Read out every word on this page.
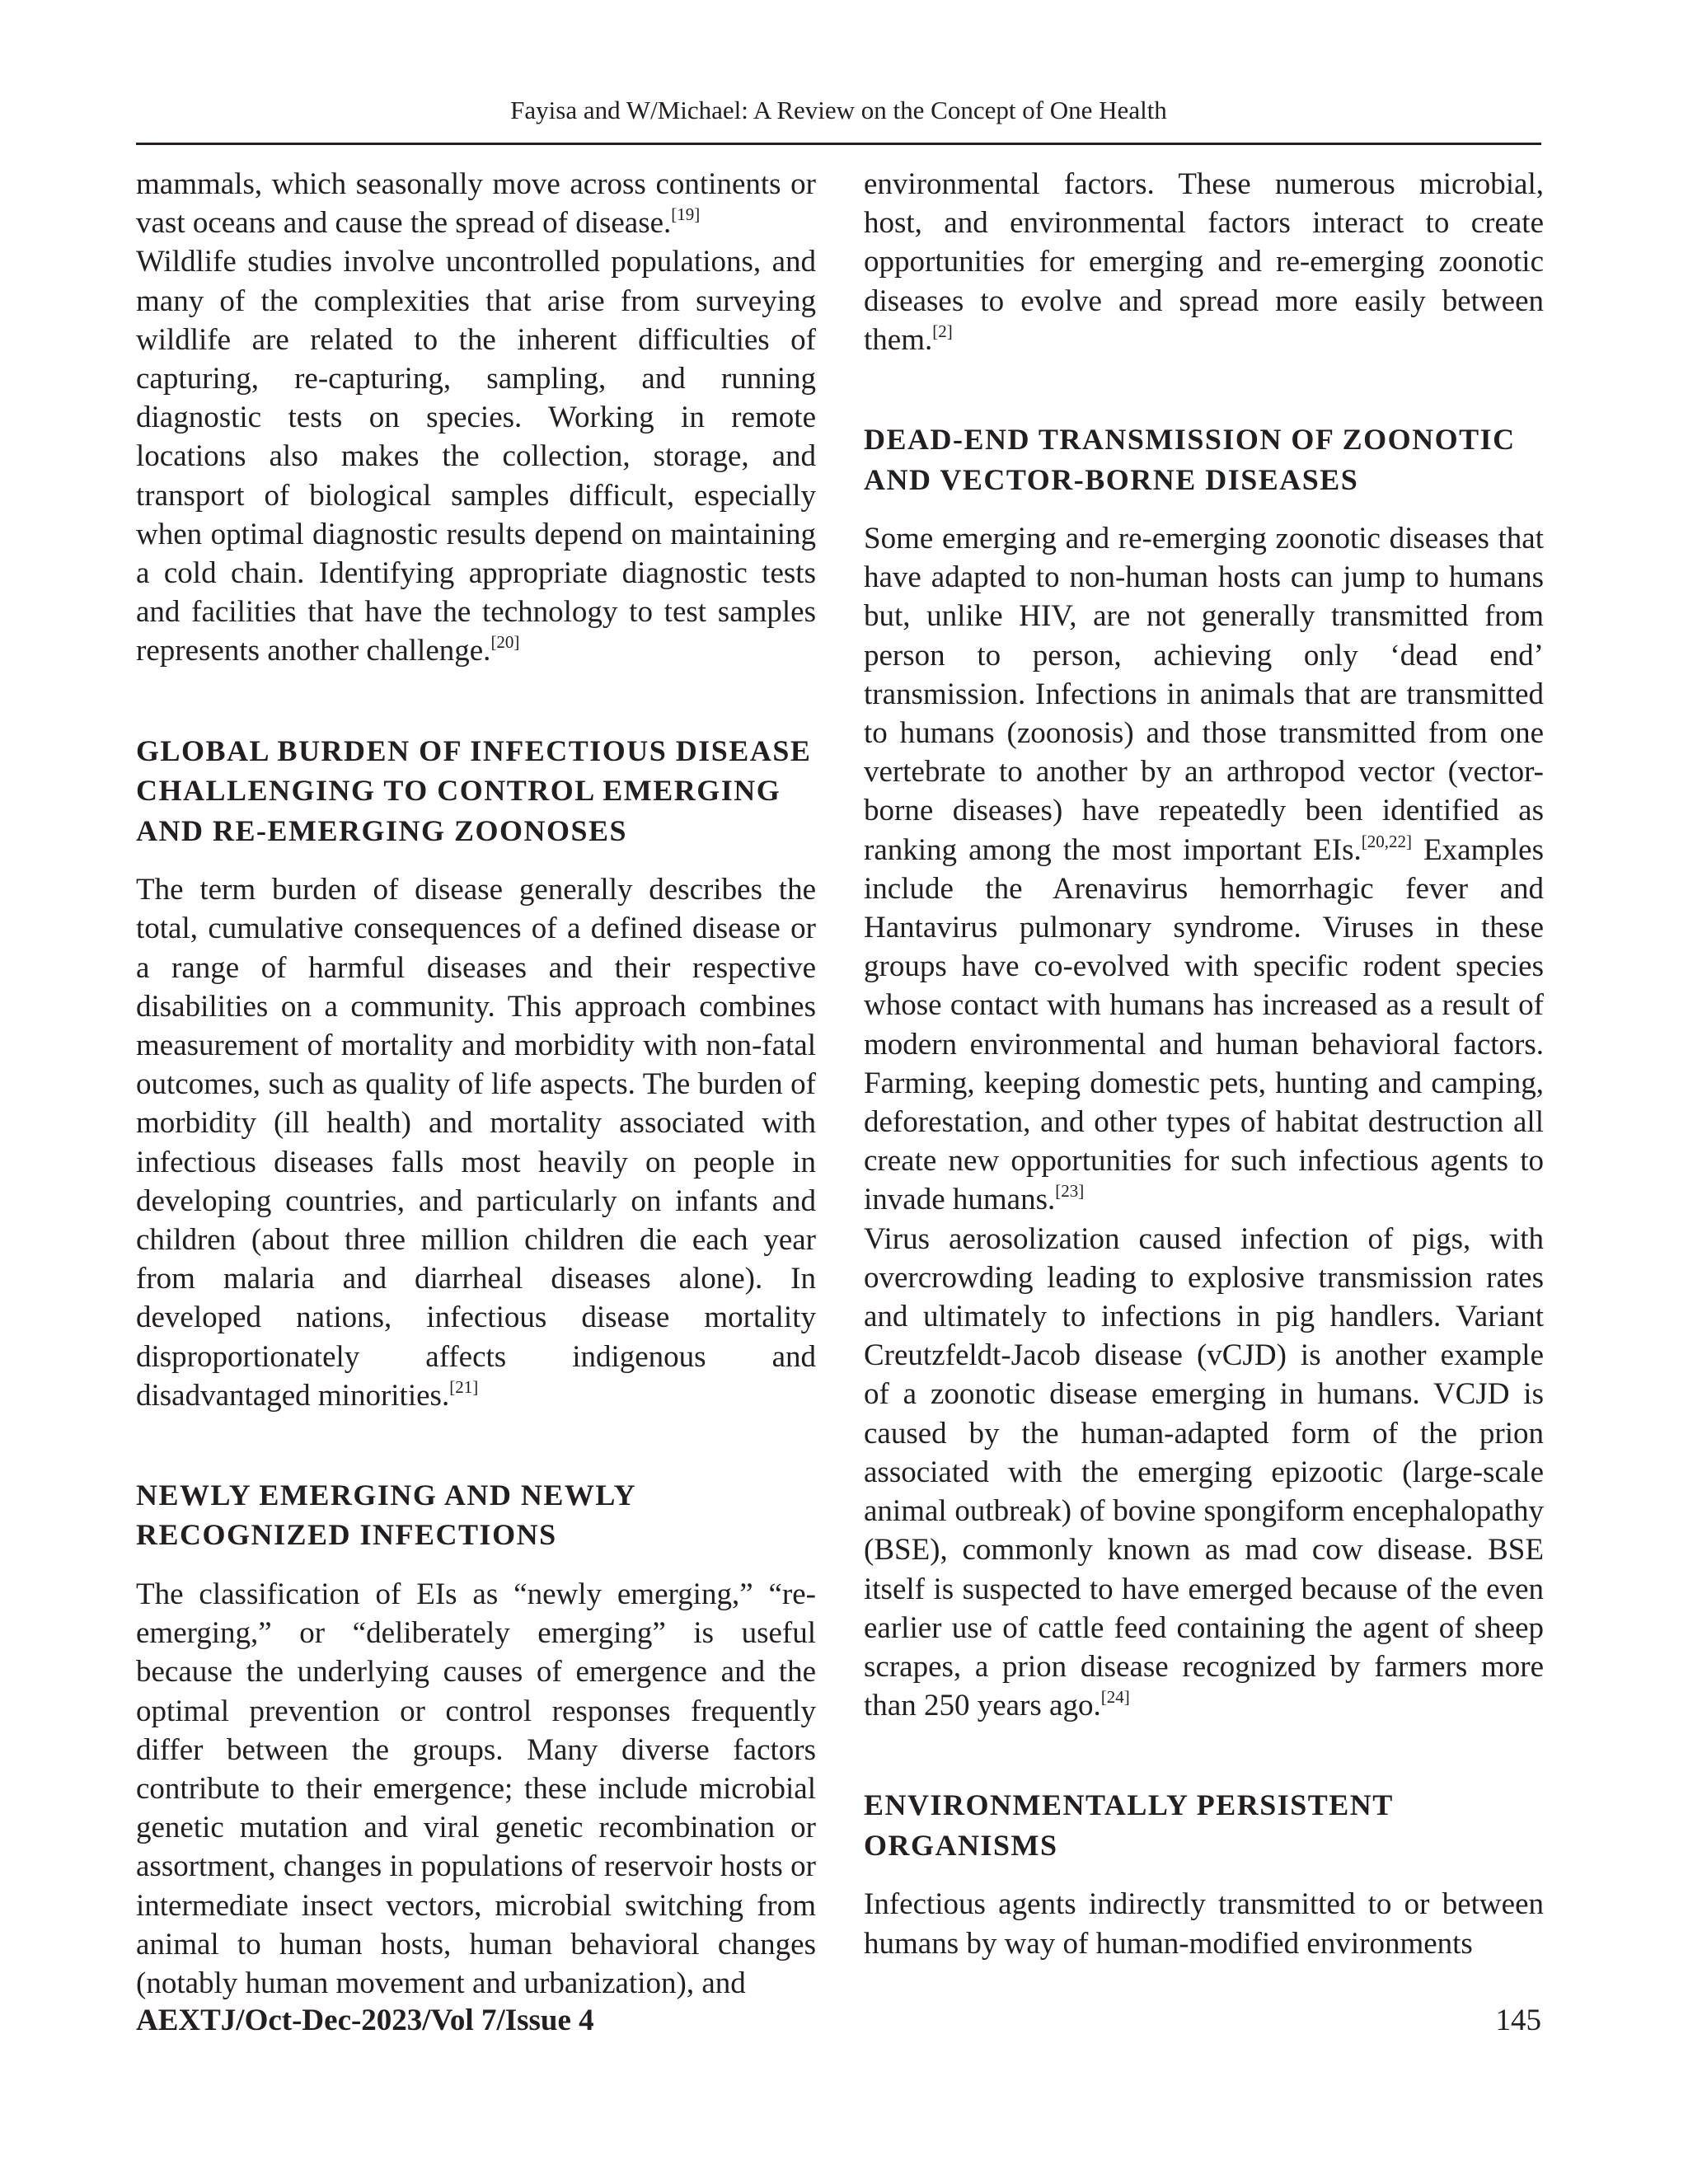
Fayisa and W/Michael: A Review on the Concept of One Health

mammals, which seasonally move across continents or vast oceans and cause the spread of disease.[19]

Wildlife studies involve uncontrolled populations, and many of the complexities that arise from surveying wildlife are related to the inherent difficulties of capturing, re-capturing, sampling, and running diagnostic tests on species. Working in remote locations also makes the collection, storage, and transport of biological samples difficult, especially when optimal diagnostic results depend on maintaining a cold chain. Identifying appropriate diagnostic tests and facilities that have the technology to test samples represents another challenge.[20]

GLOBAL BURDEN OF INFECTIOUS DISEASE CHALLENGING TO CONTROL EMERGING AND RE-EMERGING ZOONOSES

The term burden of disease generally describes the total, cumulative consequences of a defined disease or a range of harmful diseases and their respective disabilities on a community. This approach combines measurement of mortality and morbidity with non-fatal outcomes, such as quality of life aspects. The burden of morbidity (ill health) and mortality associated with infectious diseases falls most heavily on people in developing countries, and particularly on infants and children (about three million children die each year from malaria and diarrheal diseases alone). In developed nations, infectious disease mortality disproportionately affects indigenous and disadvantaged minorities.[21]

NEWLY EMERGING AND NEWLY RECOGNIZED INFECTIONS

The classification of EIs as “newly emerging,” “re-emerging,” or “deliberately emerging” is useful because the underlying causes of emergence and the optimal prevention or control responses frequently differ between the groups. Many diverse factors contribute to their emergence; these include microbial genetic mutation and viral genetic recombination or assortment, changes in populations of reservoir hosts or intermediate insect vectors, microbial switching from animal to human hosts, human behavioral changes (notably human movement and urbanization), and

environmental factors. These numerous microbial, host, and environmental factors interact to create opportunities for emerging and re-emerging zoonotic diseases to evolve and spread more easily between them.[2]

DEAD-END TRANSMISSION OF ZOONOTIC AND VECTOR-BORNE DISEASES

Some emerging and re-emerging zoonotic diseases that have adapted to non-human hosts can jump to humans but, unlike HIV, are not generally transmitted from person to person, achieving only ‘dead end’ transmission. Infections in animals that are transmitted to humans (zoonosis) and those transmitted from one vertebrate to another by an arthropod vector (vector-borne diseases) have repeatedly been identified as ranking among the most important EIs.[20,22] Examples include the Arenavirus hemorrhagic fever and Hantavirus pulmonary syndrome. Viruses in these groups have co-evolved with specific rodent species whose contact with humans has increased as a result of modern environmental and human behavioral factors. Farming, keeping domestic pets, hunting and camping, deforestation, and other types of habitat destruction all create new opportunities for such infectious agents to invade humans.[23]

Virus aerosolization caused infection of pigs, with overcrowding leading to explosive transmission rates and ultimately to infections in pig handlers. Variant Creutzfeldt-Jacob disease (vCJD) is another example of a zoonotic disease emerging in humans. VCJD is caused by the human-adapted form of the prion associated with the emerging epizootic (large-scale animal outbreak) of bovine spongiform encephalopathy (BSE), commonly known as mad cow disease. BSE itself is suspected to have emerged because of the even earlier use of cattle feed containing the agent of sheep scrapes, a prion disease recognized by farmers more than 250 years ago.[24]

ENVIRONMENTALLY PERSISTENT ORGANISMS

Infectious agents indirectly transmitted to or between humans by way of human-modified environments

AEXTJ/Oct-Dec-2023/Vol 7/Issue 4	145
